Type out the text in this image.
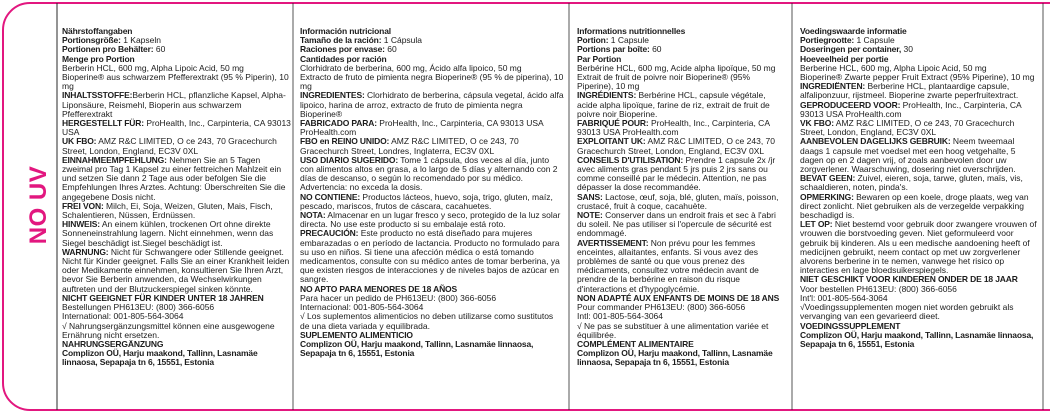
NO UV

Nährstoffangaben

Portionsgröße: 1 Kapseln

Portionen pro Behälter: 60

Menge pro Portion

Berberin HCL, 600 mg, Alpha Lipoic Acid, 50 mg

Bioperine® aus schwarzem Pfefferextrakt (95 % Piperin), 10 mg

INHALTSSTOFFE:Berberin HCL, pflanzliche Kapsel, Alpha-Liponsäure, Reismehl, Bioperin aus schwarzem Pfefferextrakt

HERGESTELLT FÜR: ProHealth, Inc., Carpinteria, CA 93013 USA

UK FBO: AMZ R&C LIMITED, O ce 243, 70 Gracechurch Street, London, England, EC3V 0XL

EINNAHMEEMPFEHLUNG: Nehmen Sie an 5 Tagen zweimal pro Tag 1 Kapsel zu einer fettreichen Mahlzeit ein und setzen Sie dann 2 Tage aus oder befolgen Sie die Empfehlungen Ihres Arztes. Achtung: Überschreiten Sie die angegebene Dosis nicht.

FREI VON: Milch, Ei, Soja, Weizen, Gluten, Mais, Fisch, Schalentieren, Nüssen, Erdnüssen.

HINWEIS: An einem kühlen, trockenen Ort ohne direkte Sonneneinstrahlung lagern. Nicht einnehmen, wenn das Siegel beschädigt ist.Siegel beschädigt ist.

WARNUNG: Nicht für Schwangere oder Stillende geeignet. Nicht für Kinder geeignet. Falls Sie an einer Krankheit leiden oder Medikamente einnehmen, konsultieren Sie Ihren Arzt, bevor Sie Berberin anwenden, da Wechselwirkungen auftreten und der Blutzuckerspiegel sinken könnte.

NICHT GEEIGNET FÜR KINDER UNTER 18 JAHREN

Bestellungen PH613EU: (800) 366-6056

International: 001-805-564-3064

√ Nahrungsergänzungsmittel können eine ausgewogene Ernährung nicht ersetzen.

NAHRUNGSERGÄNZUNG

Complizon OÜ, Harju maakond, Tallinn, Lasnamäe linnaosa, Sepapaja tn 6, 15551, Estonia

Información nutricional

Tamaño de la ración: 1 Cápsula

Raciones por envase: 60

Cantidades por ración

Clorhidrato de berberina, 600 mg, Ácido alfa lipoico, 50 mg

Extracto de fruto de pimienta negra Bioperine® (95 % de piperina), 10 mg

INGREDIENTES: Clorhidrato de berberina, cápsula vegetal, ácido alfa lipoico, harina de arroz, extracto de fruto de pimienta negra Bioperine®

FABRICADO PARA: ProHealth, Inc., Carpinteria, CA 93013 USA ProHealth.com

FBO en REINO UNIDO: AMZ R&C LIMITED, O ce 243, 70 Gracechurch Street, Londres, Inglaterra, EC3V 0XL

USO DIARIO SUGERIDO: Tome 1 cápsula, dos veces al día, junto con alimentos altos en grasa, a lo largo de 5 días y alternando con 2 días de descanso, o según lo recomendado por su médico. Advertencia: no exceda la dosis.

NO CONTIENE: Productos lácteos, huevo, soja, trigo, gluten, maíz, pescado, mariscos, frutos de cáscara, cacahuetes.

NOTA: Almacenar en un lugar fresco y seco, protegido de la luz solar directa. No use este producto si su embalaje está roto.

PRECAUCIÓN: Este producto no está diseñado para mujeres embarazadas o en período de lactancia. Producto no formulado para su uso en niños. Si tiene una afección médica o está tomando medicamentos, consulte con su médico antes de tomar berberina, ya que existen riesgos de interacciones y de niveles bajos de azúcar en sangre.

NO APTO PARA MENORES DE 18 AÑOS

Para hacer un pedido de PH613EU: (800) 366-6056

Internacional: 001-805-564-3064

√ Los suplementos alimenticios no deben utilizarse como sustitutos de una dieta variada y equilibrada.

SUPLEMENTO ALIMENTICIO

Complizon OÜ, Harju maakond, Tallinn, Lasnamäe linnaosa, Sepapaja tn 6, 15551, Estonia

Informations nutritionnelles

Portion: 1 Capsule

Portions par boîte: 60

Par Portion

Berbérine HCL, 600 mg, Acide alpha lipoïque, 50 mg

Extrait de fruit de poivre noir Bioperine® (95% Piperine), 10 mg

INGRÉDIENTS: Berbérine HCL, capsule végétale, acide alpha lipoïque, farine de riz, extrait de fruit de poivre noir Bioperine.

FABRIQUÉ POUR: ProHealth, Inc., Carpinteria, CA 93013 USA ProHealth.com

EXPLOITANT UK: AMZ R&C LIMITED, O ce 243, 70 Gracechurch Street, London, England, EC3V 0XL

CONSEILS D'UTILISATION: Prendre 1 capsule 2x /jr avec aliments gras pendant 5 jrs puis 2 jrs sans ou comme conseillé par le médecin. Attention, ne pas dépasser la dose recommandée.

SANS: Lactose, œuf, soja, blé, gluten, maïs, poisson, crustacé, fruit à coque, cacahuète.

NOTE: Conserver dans un endroit frais et sec à l'abri du soleil. Ne pas utiliser si l'opercule de sécurité est endommagé.

AVERTISSEMENT: Non prévu pour les femmes enceintes, allaitantes, enfants. Si vous avez des problèmes de santé ou que vous prenez des médicaments, consultez votre médecin avant de prendre de la berbérine en raison du risque d'interactions et d'hypoglycémie.

NON ADAPTÉ AUX ENFANTS DE MOINS DE 18 ANS

Pour commander PH613EU: (800) 366-6056

Intl: 001-805-564-3064

√ Ne pas se substituer à une alimentation variée et équilibrée.

COMPLÉMENT ALIMENTAIRE

Complizon OÜ, Harju maakond, Tallinn, Lasnamäe linnaosa, Sepapaja tn 6, 15551, Estonia

Voedingswaarde informatie

Portiegrootte: 1 Capsule

Doseringen per container, 30

Hoeveelheid per portie

Berberine HCL, 600 mg, Alpha Lipoic Acid, 50 mg

Bioperine® Zwarte pepper Fruit Extract (95% Piperine), 10 mg

INGREDIËNTEN: Berberine HCL, plantaardige capsule, alfaliponzuur, rijstmeel. Bioperine zwarte peperfruitextract.

GEPRODUCEERD VOOR: ProHealth, Inc., Carpinteria, CA 93013 USA ProHealth.com

VK FBO: AMZ R&C LIMITED, O ce 243, 70 Gracechurch Street, London, England, EC3V 0XL

AANBEVOLEN DAGELIJKS GEBRUIK: Neem tweemaal daags 1 capsule met voedsel met een hoog vetgehalte, 5 dagen op en 2 dagen vrij, of zoals aanbevolen door uw zorgverlener. Waarschuwing, dosering niet overschrijden.

BEVAT GEEN: Zuivel, eieren, soja, tarwe, gluten, maïs, vis, schaaldieren, noten, pinda's.

OPMERKING: Bewaren op een koele, droge plaats, weg van direct zonlicht. Niet gebruiken als de verzegelde verpakking beschadigd is.

LET OP: Niet bestemd voor gebruik door zwangere vrouwen of vrouwen die borstvoeding geven. Niet geformuleerd voor gebruik bij kinderen. Als u een medische aandoening heeft of medicijnen gebruikt, neem contact op met uw zorgverlener alvorens berberine in te nemen, vanwege het risico op interacties en lage bloedsuikerspiegels.

NIET GESCHIKT VOOR KINDEREN ONDER DE 18 JAAR

Voor bestellen PH613EU: (800) 366-6056

Int'l: 001-805-564-3064

√Voedingssupplementen mogen niet worden gebruikt als vervanging van een gevarieerd dieet.

VOEDINGSSUPPLEMENT

Complizon OÜ, Harju maakond, Tallinn, Lasnamäe linnaosa, Sepapaja tn 6, 15551, Estonia
